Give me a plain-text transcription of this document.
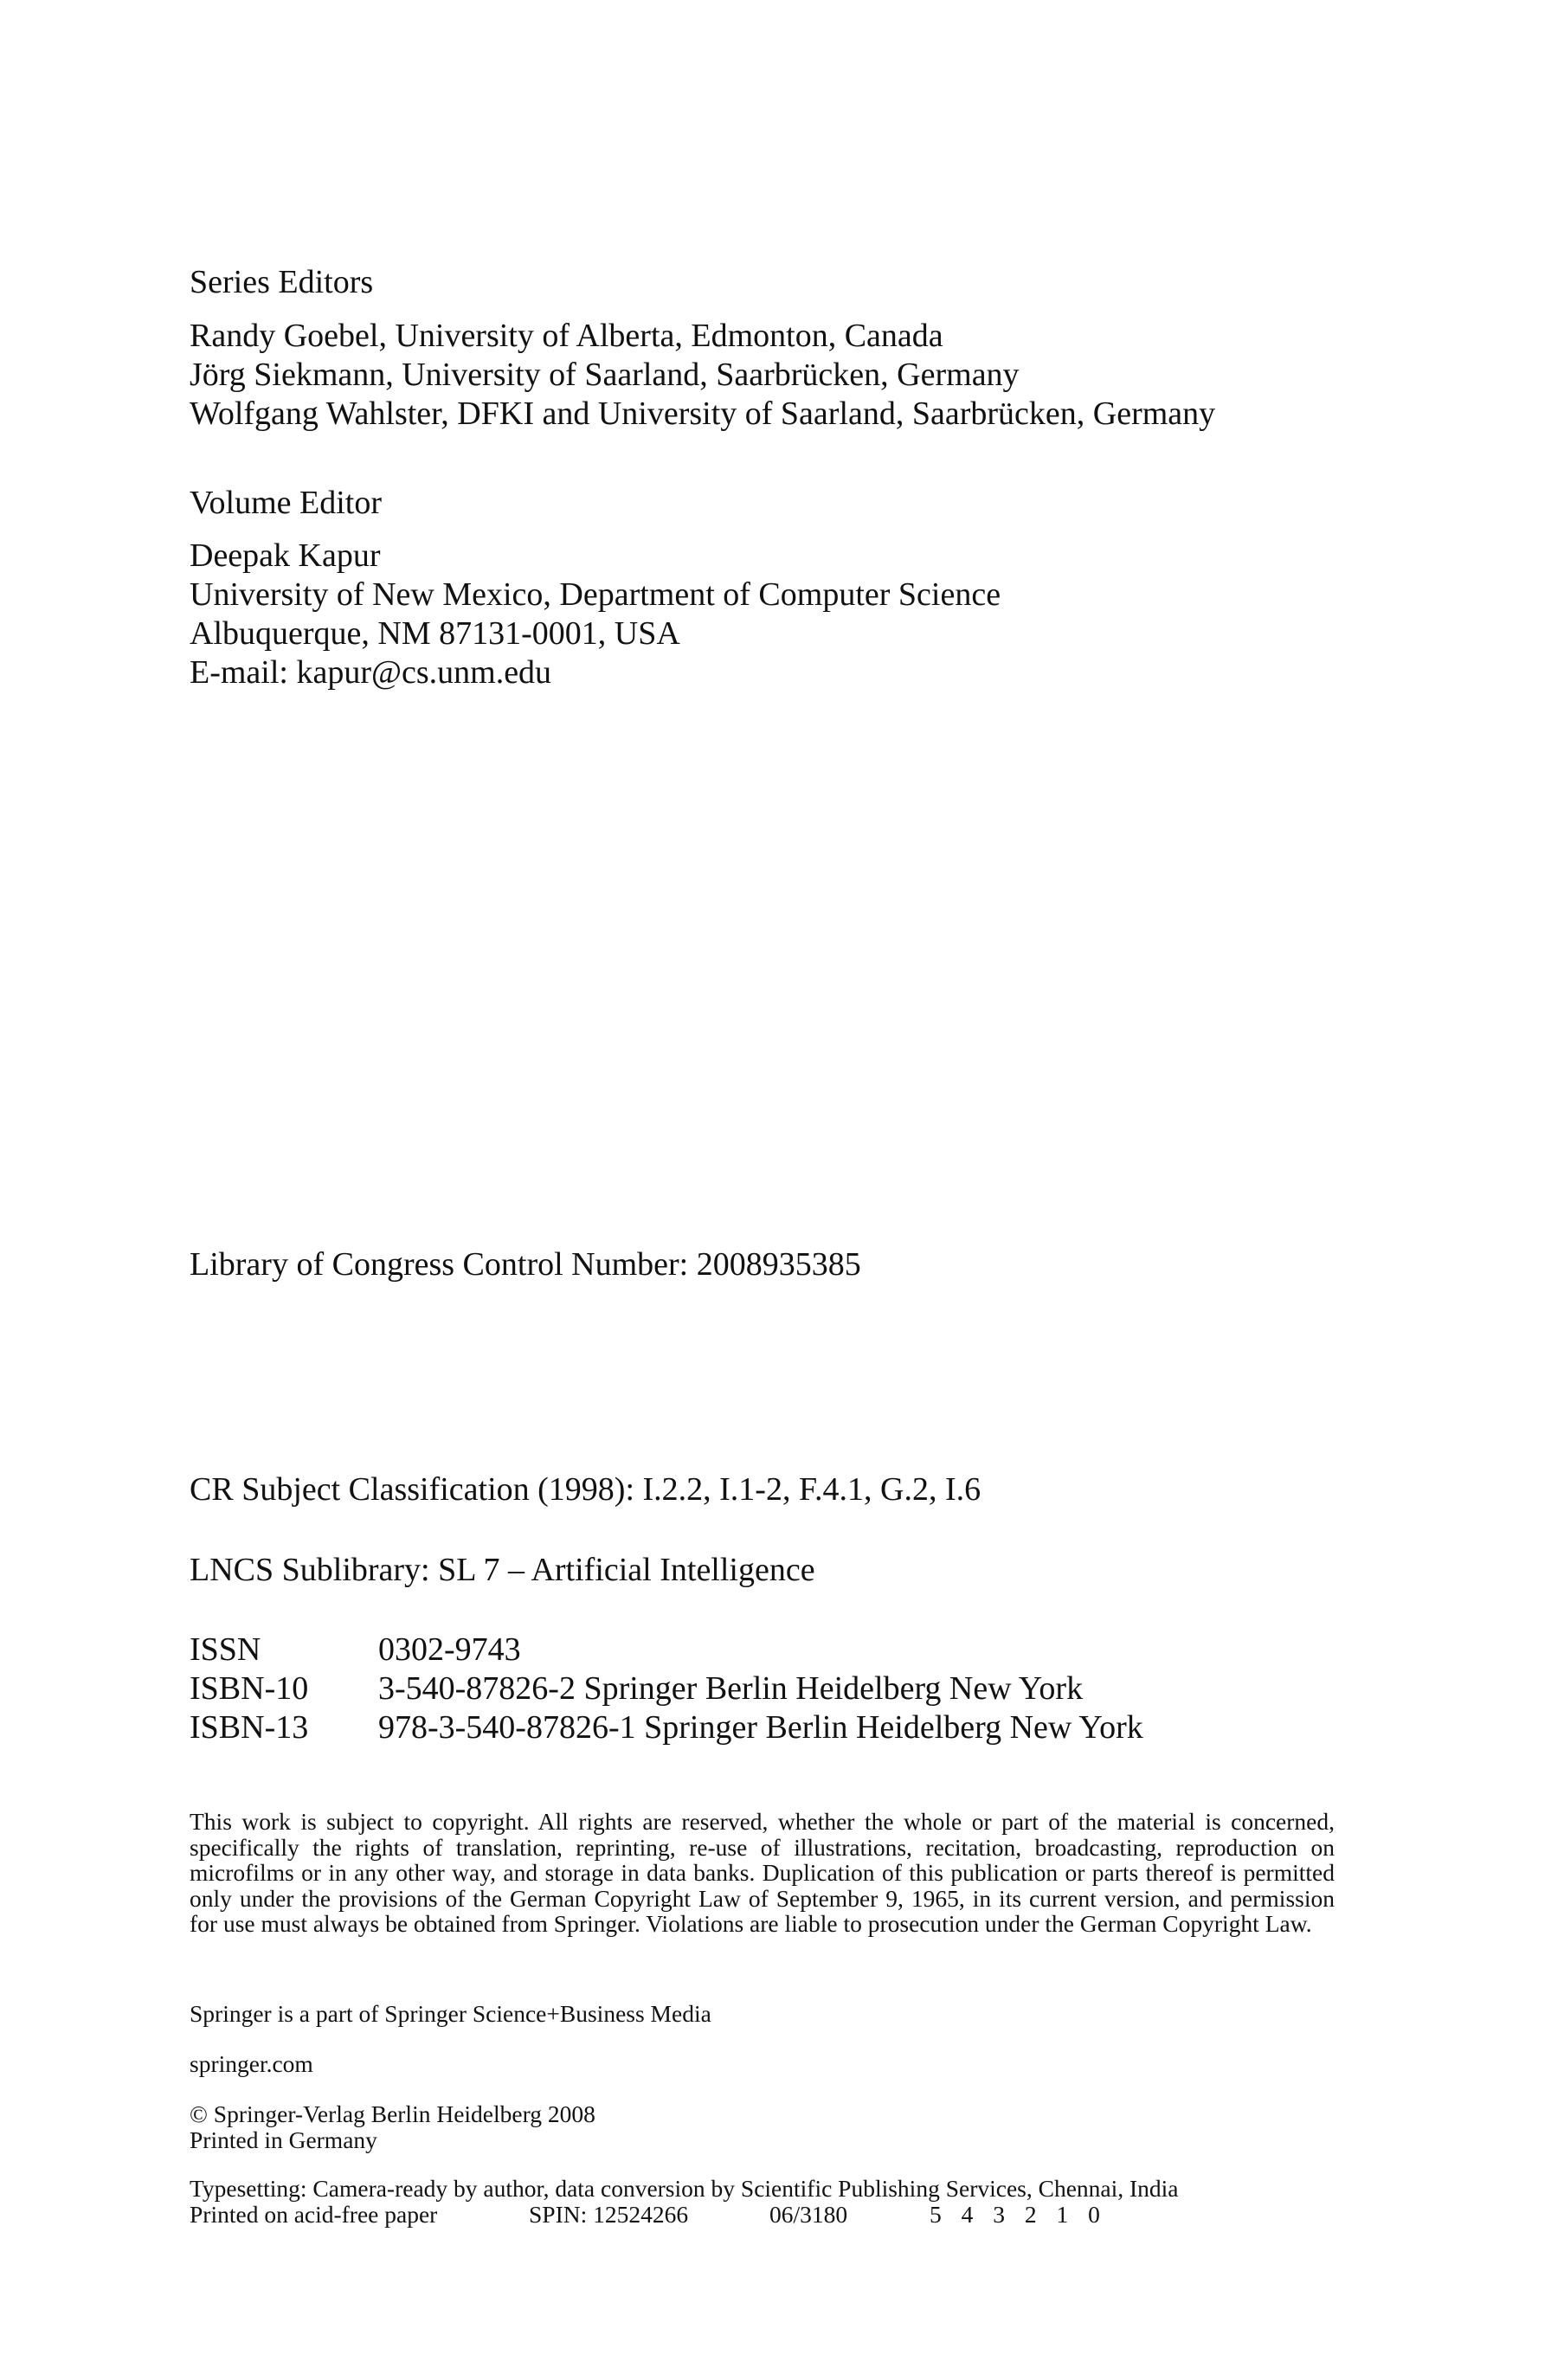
Series Editors
Randy Goebel, University of Alberta, Edmonton, Canada
Jörg Siekmann, University of Saarland, Saarbrücken, Germany
Wolfgang Wahlster, DFKI and University of Saarland, Saarbrücken, Germany
Volume Editor
Deepak Kapur
University of New Mexico, Department of Computer Science
Albuquerque, NM 87131-0001, USA
E-mail: kapur@cs.unm.edu
Library of Congress Control Number: 2008935385
CR Subject Classification (1998): I.2.2, I.1-2, F.4.1, G.2, I.6
LNCS Sublibrary: SL 7 – Artificial Intelligence
ISSN	0302-9743
ISBN-10	3-540-87826-2 Springer Berlin Heidelberg New York
ISBN-13	978-3-540-87826-1 Springer Berlin Heidelberg New York
This work is subject to copyright. All rights are reserved, whether the whole or part of the material is concerned, specifically the rights of translation, reprinting, re-use of illustrations, recitation, broadcasting, reproduction on microfilms or in any other way, and storage in data banks. Duplication of this publication or parts thereof is permitted only under the provisions of the German Copyright Law of September 9, 1965, in its current version, and permission for use must always be obtained from Springer. Violations are liable to prosecution under the German Copyright Law.
Springer is a part of Springer Science+Business Media
springer.com
© Springer-Verlag Berlin Heidelberg 2008
Printed in Germany
Typesetting: Camera-ready by author, data conversion by Scientific Publishing Services, Chennai, India
Printed on acid-free paper	SPIN: 12524266	06/3180	5 4 3 2 1 0
